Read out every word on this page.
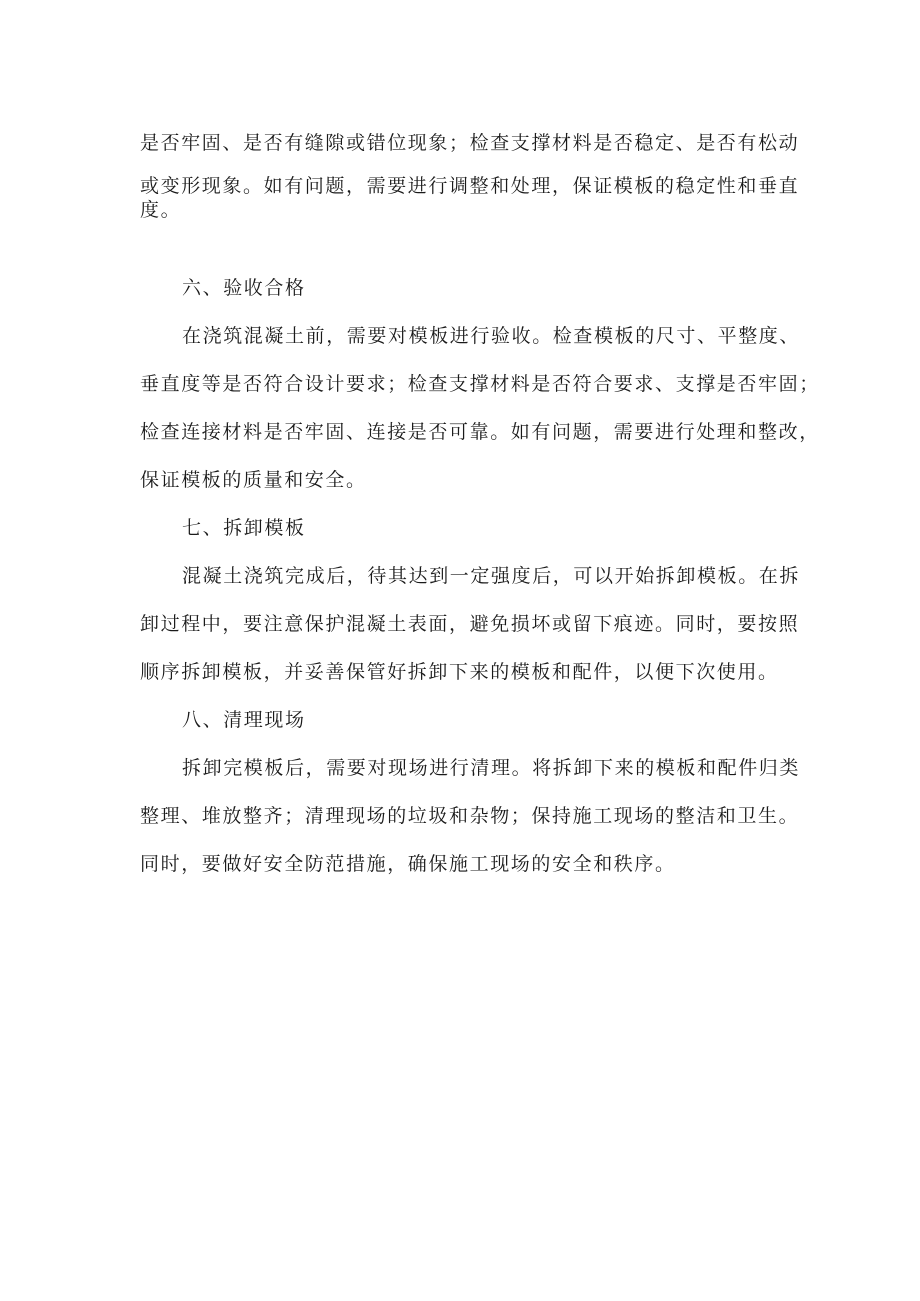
是否牢固、是否有缝隙或错位现象；检查支撑材料是否稳定、是否有松动
或变形现象。如有问题，需要进行调整和处理，保证模板的稳定性和垂直
度。
六、验收合格
在浇筑混凝土前，需要对模板进行验收。检查模板的尺寸、平整度、
垂直度等是否符合设计要求；检查支撑材料是否符合要求、支撑是否牢固；
检查连接材料是否牢固、连接是否可靠。如有问题，需要进行处理和整改，
保证模板的质量和安全。
七、拆卸模板
混凝土浇筑完成后，待其达到一定强度后，可以开始拆卸模板。在拆
卸过程中，要注意保护混凝土表面，避免损坏或留下痕迹。同时，要按照
顺序拆卸模板，并妥善保管好拆卸下来的模板和配件，以便下次使用。
八、清理现场
拆卸完模板后，需要对现场进行清理。将拆卸下来的模板和配件归类
整理、堆放整齐；清理现场的垃圾和杂物；保持施工现场的整洁和卫生。
同时，要做好安全防范措施，确保施工现场的安全和秩序。
